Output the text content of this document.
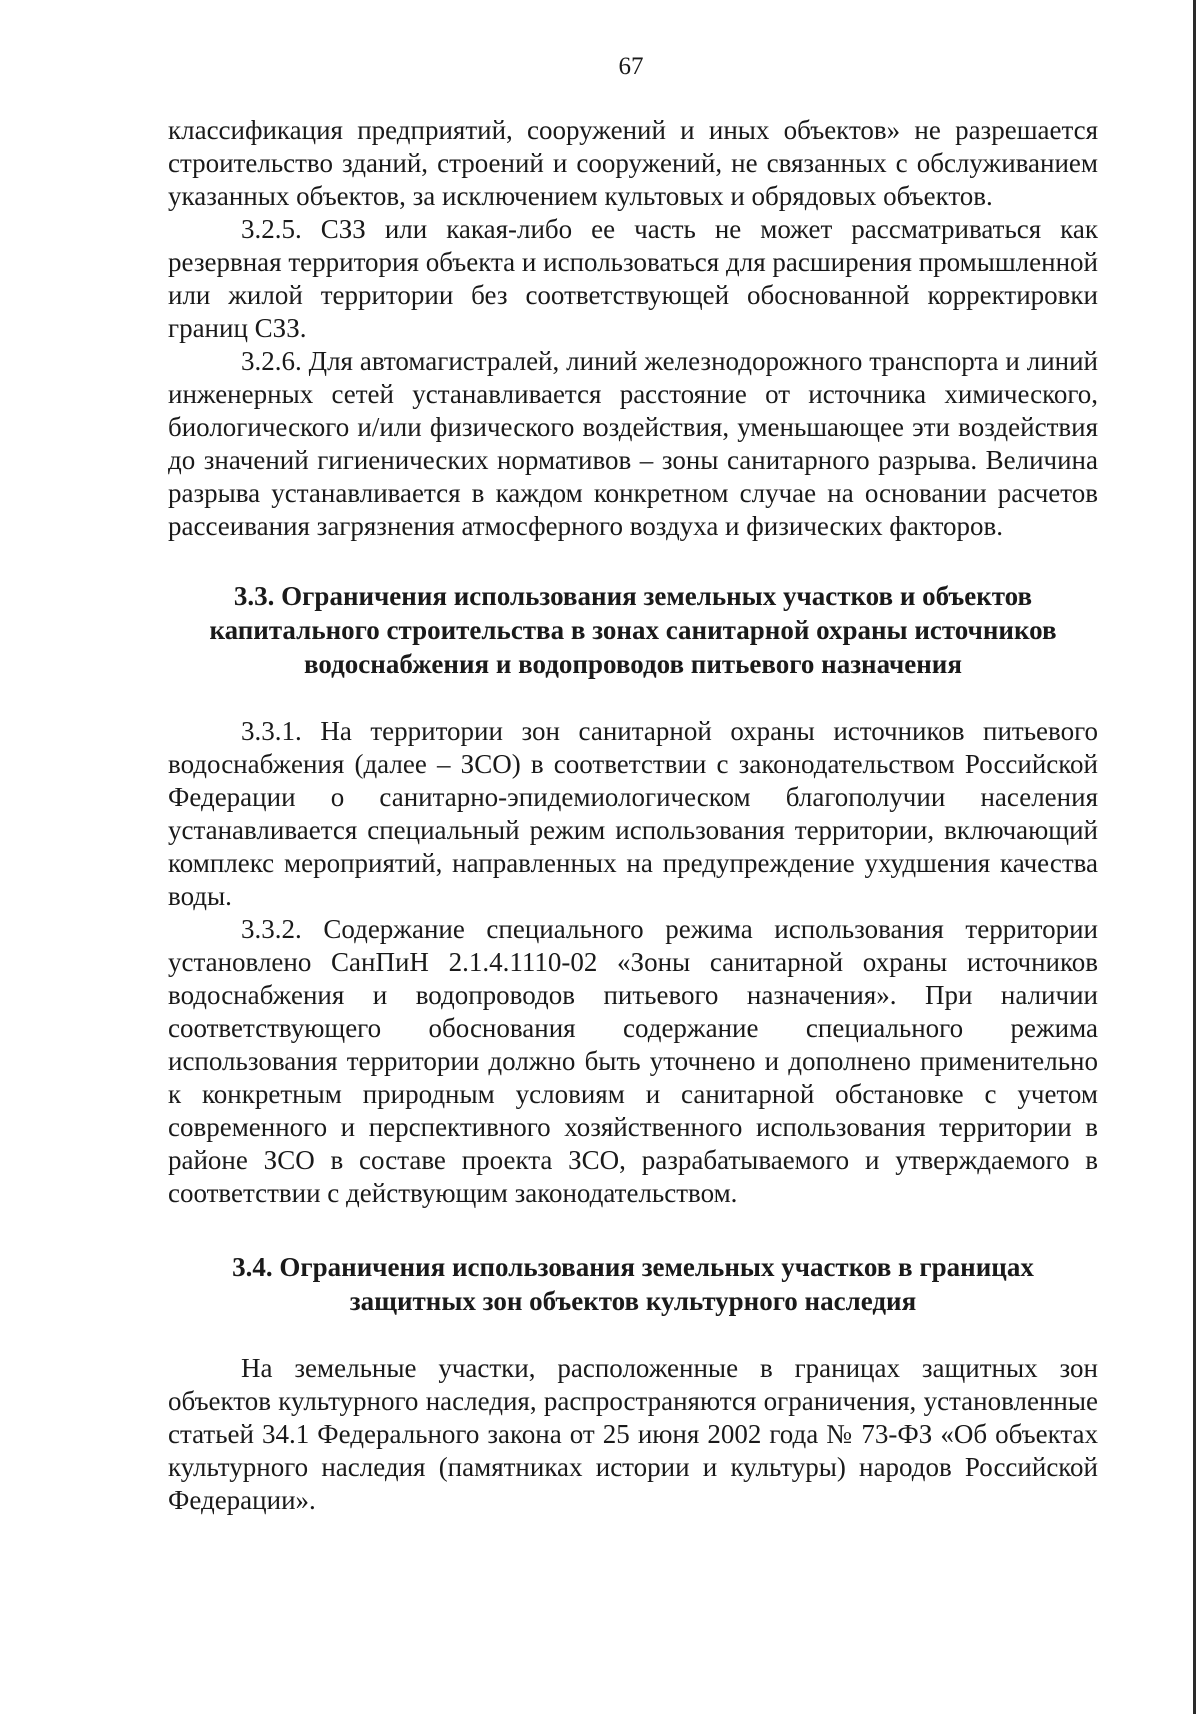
67

классификация предприятий, сооружений и иных объектов» не разрешается строительство зданий, строений и сооружений, не связанных с обслуживанием указанных объектов, за исключением культовых и обрядовых объектов.

3.2.5. СЗЗ или какая-либо ее часть не может рассматриваться как резервная территория объекта и использоваться для расширения промышленной или жилой территории без соответствующей обоснованной корректировки границ СЗЗ.

3.2.6. Для автомагистралей, линий железнодорожного транспорта и линий инженерных сетей устанавливается расстояние от источника химического, биологического и/или физического воздействия, уменьшающее эти воздействия до значений гигиенических нормативов – зоны санитарного разрыва. Величина разрыва устанавливается в каждом конкретном случае на основании расчетов рассеивания загрязнения атмосферного воздуха и физических факторов.

3.3. Ограничения использования земельных участков и объектов
капитального строительства в зонах санитарной охраны источников
водоснабжения и водопроводов питьевого назначения

3.3.1. На территории зон санитарной охраны источников питьевого водоснабжения (далее – ЗСО) в соответствии с законодательством Российской Федерации о санитарно-эпидемиологическом благополучии населения устанавливается специальный режим использования территории, включающий комплекс мероприятий, направленных на предупреждение ухудшения качества воды.

3.3.2. Содержание специального режима использования территории установлено СанПиН 2.1.4.1110-02 «Зоны санитарной охраны источников водоснабжения и водопроводов питьевого назначения». При наличии соответствующего обоснования содержание специального режима использования территории должно быть уточнено и дополнено применительно к конкретным природным условиям и санитарной обстановке с учетом современного и перспективного хозяйственного использования территории в районе ЗСО в составе проекта ЗСО, разрабатываемого и утверждаемого в соответствии с действующим законодательством.

3.4. Ограничения использования земельных участков в границах
защитных зон объектов культурного наследия

На земельные участки, расположенные в границах защитных зон объектов культурного наследия, распространяются ограничения, установленные статьей 34.1 Федерального закона от 25 июня 2002 года № 73-ФЗ «Об объектах культурного наследия (памятниках истории и культуры) народов Российской Федерации».
